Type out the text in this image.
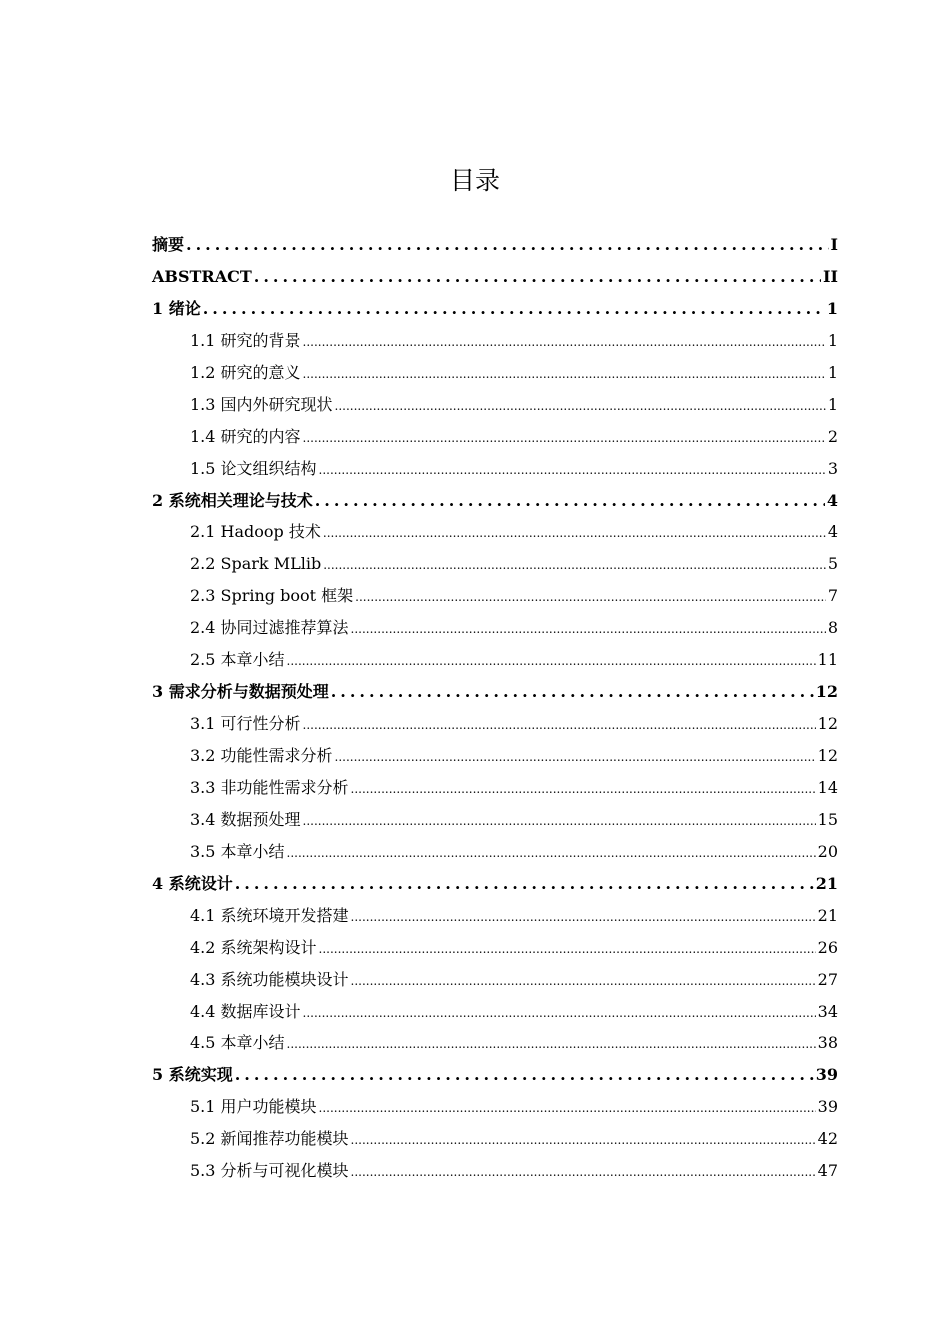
目录
摘要 .....	I
ABSTRACT .....	II
1 绪论 .....	1
1.1 研究的背景 .....	1
1.2 研究的意义 .....	1
1.3 国内外研究现状 .....	1
1.4 研究的内容 .....	2
1.5 论文组织结构 .....	3
2 系统相关理论与技术 .....	4
2.1 Hadoop 技术 .....	4
2.2 Spark MLlib .....	5
2.3 Spring boot 框架 .....	7
2.4 协同过滤推荐算法 .....	8
2.5 本章小结 .....	11
3 需求分析与数据预处理 .....	12
3.1 可行性分析 .....	12
3.2 功能性需求分析 .....	12
3.3 非功能性需求分析 .....	14
3.4 数据预处理 .....	15
3.5 本章小结 .....	20
4 系统设计 .....	21
4.1 系统环境开发搭建 .....	21
4.2 系统架构设计 .....	26
4.3 系统功能模块设计 .....	27
4.4 数据库设计 .....	34
4.5 本章小结 .....	38
5 系统实现 .....	39
5.1 用户功能模块 .....	39
5.2 新闻推荐功能模块 .....	42
5.3 分析与可视化模块 .....	47
